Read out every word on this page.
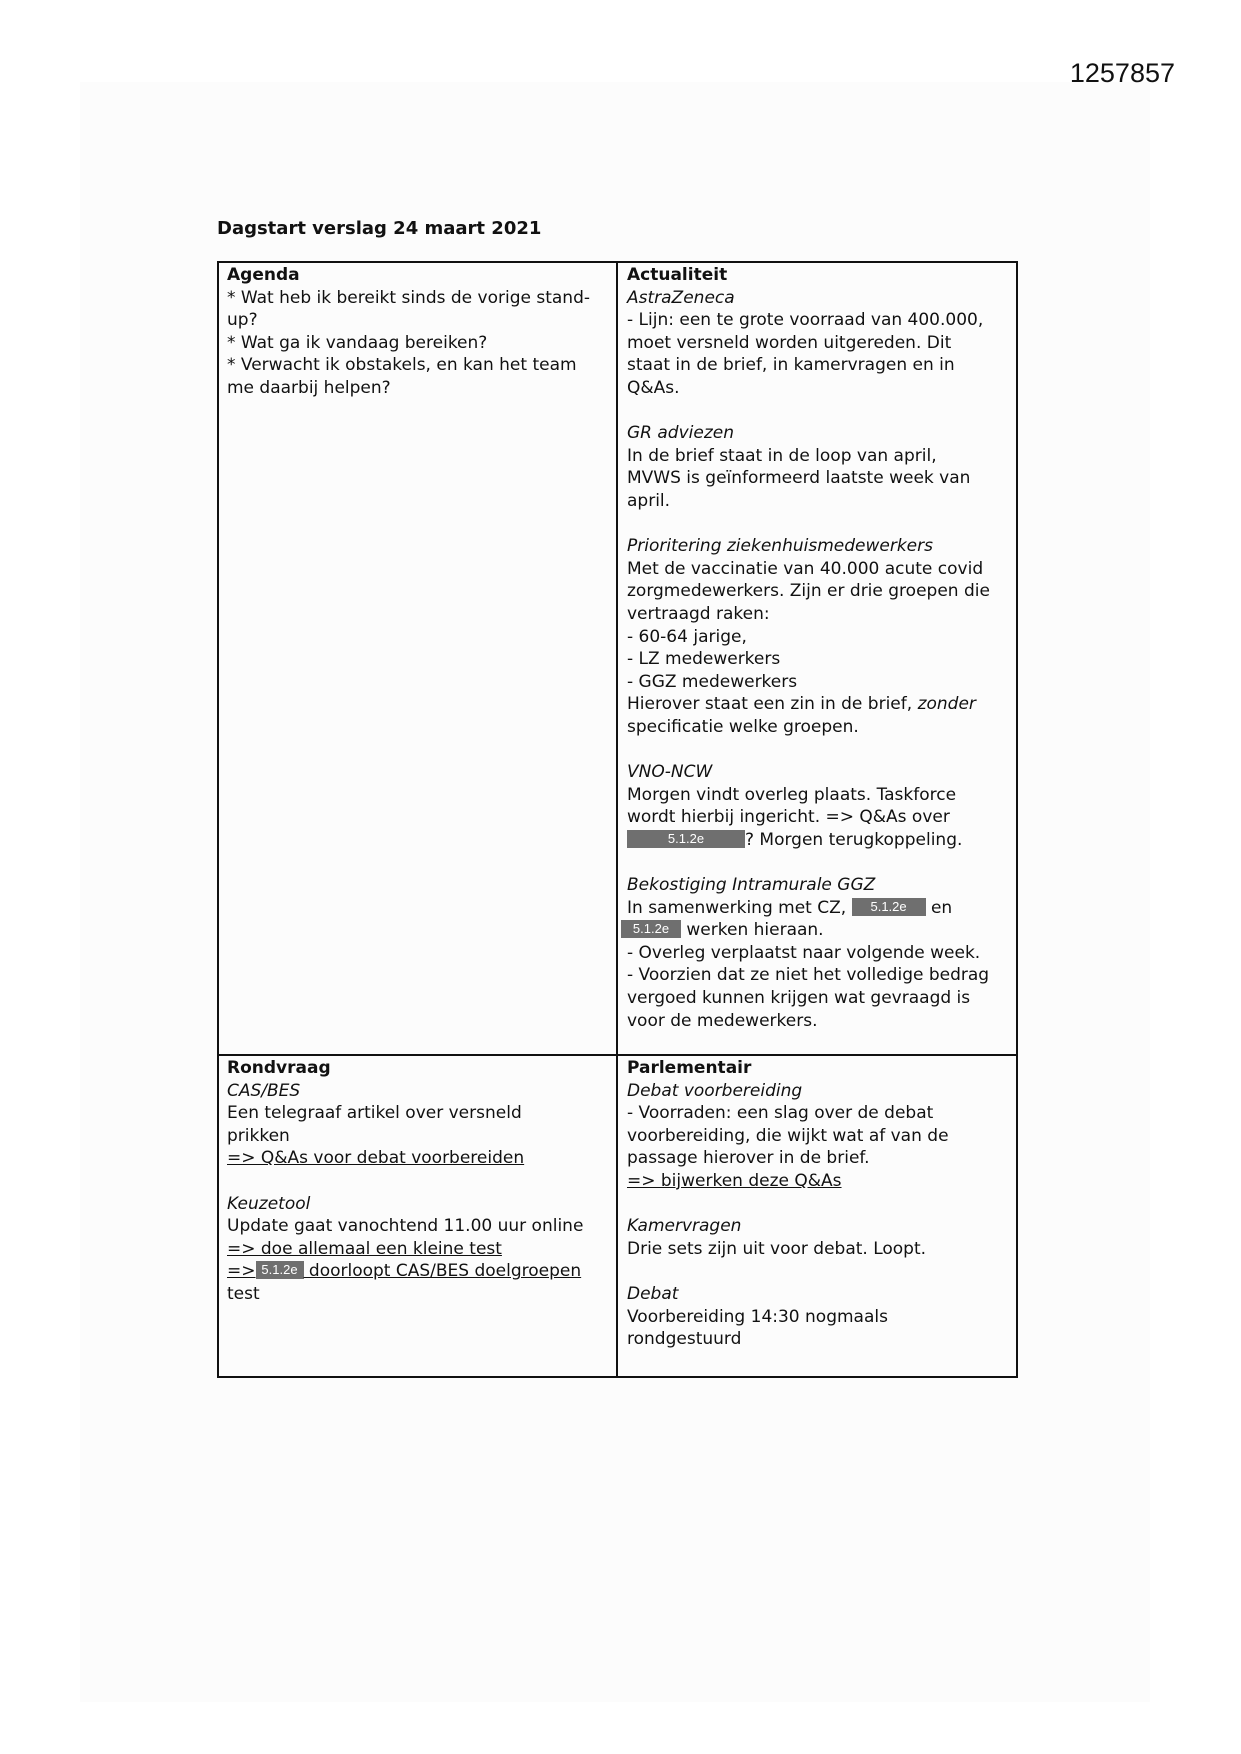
1257857
Dagstart verslag 24 maart 2021
Agenda
* Wat heb ik bereikt sinds de vorige stand-
up?
* Wat ga ik vandaag bereiken?
* Verwacht ik obstakels, en kan het team
me daarbij helpen?
Actualiteit
AstraZeneca
- Lijn: een te grote voorraad van 400.000,
moet versneld worden uitgereden. Dit
staat in de brief, in kamervragen en in
Q&As.
GR adviezen
In de brief staat in de loop van april,
MVWS is geïnformeerd laatste week van
april.
Prioritering ziekenhuismedewerkers
Met de vaccinatie van 40.000 acute covid
zorgmedewerkers. Zijn er drie groepen die
vertraagd raken:
- 60-64 jarige,
- LZ medewerkers
- GGZ medewerkers
Hierover staat een zin in de brief, zonder
specificatie welke groepen.
VNO-NCW
Morgen vindt overleg plaats. Taskforce
wordt hierbij ingericht. => Q&As over
5.1.2e ? Morgen terugkoppeling.
Bekostiging Intramurale GGZ
In samenwerking met CZ, 5.1.2e en
5.1.2e werken hieraan.
- Overleg verplaatst naar volgende week.
- Voorzien dat ze niet het volledige bedrag
vergoed kunnen krijgen wat gevraagd is
voor de medewerkers.
Rondvraag
CAS/BES
Een telegraaf artikel over versneld
prikken
=> Q&As voor debat voorbereiden
Keuzetool
Update gaat vanochtend 11.00 uur online
=> doe allemaal een kleine test
=> 5.1.2e doorloopt CAS/BES doelgroepen
test
Parlementair
Debat voorbereiding
- Voorraden: een slag over de debat
voorbereiding, die wijkt wat af van de
passage hierover in de brief.
=> bijwerken deze Q&As
Kamervragen
Drie sets zijn uit voor debat. Loopt.
Debat
Voorbereiding 14:30 nogmaals
rondgestuurd
